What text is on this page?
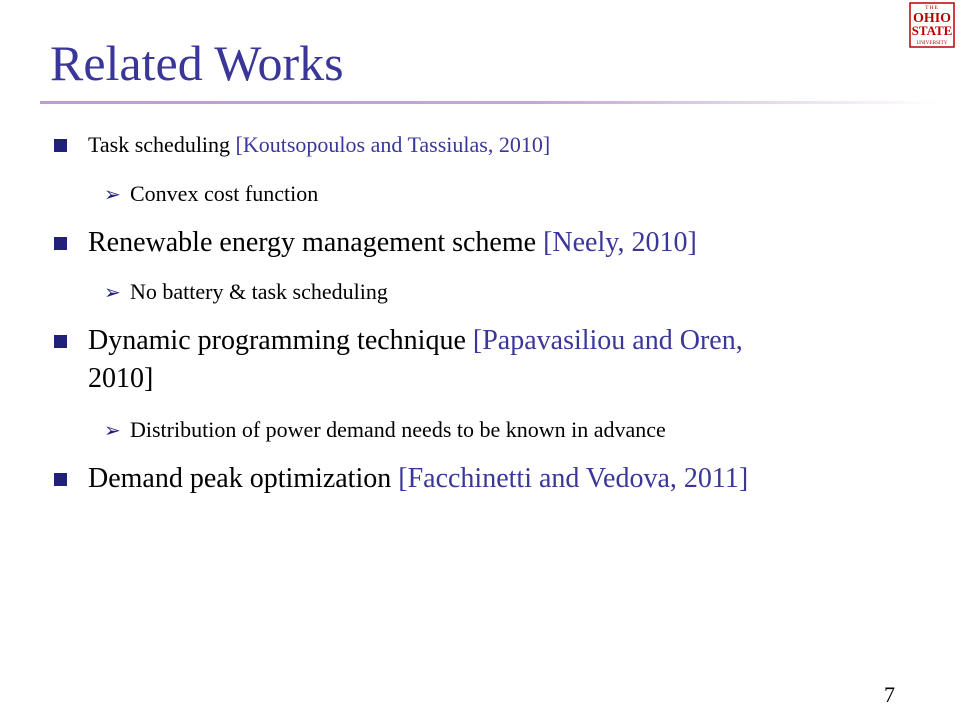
Related Works
THE
OHIO
STATE
UNIVERSITY
Task scheduling [Koutsopoulos and Tassiulas, 2010]
➢ Convex cost function
Renewable energy management scheme [Neely, 2010]
➢ No battery & task scheduling
Dynamic programming technique [Papavasiliou and Oren,
2010]
➢ Distribution of power demand needs to be known in advance
Demand peak optimization [Facchinetti and Vedova, 2011]
7
